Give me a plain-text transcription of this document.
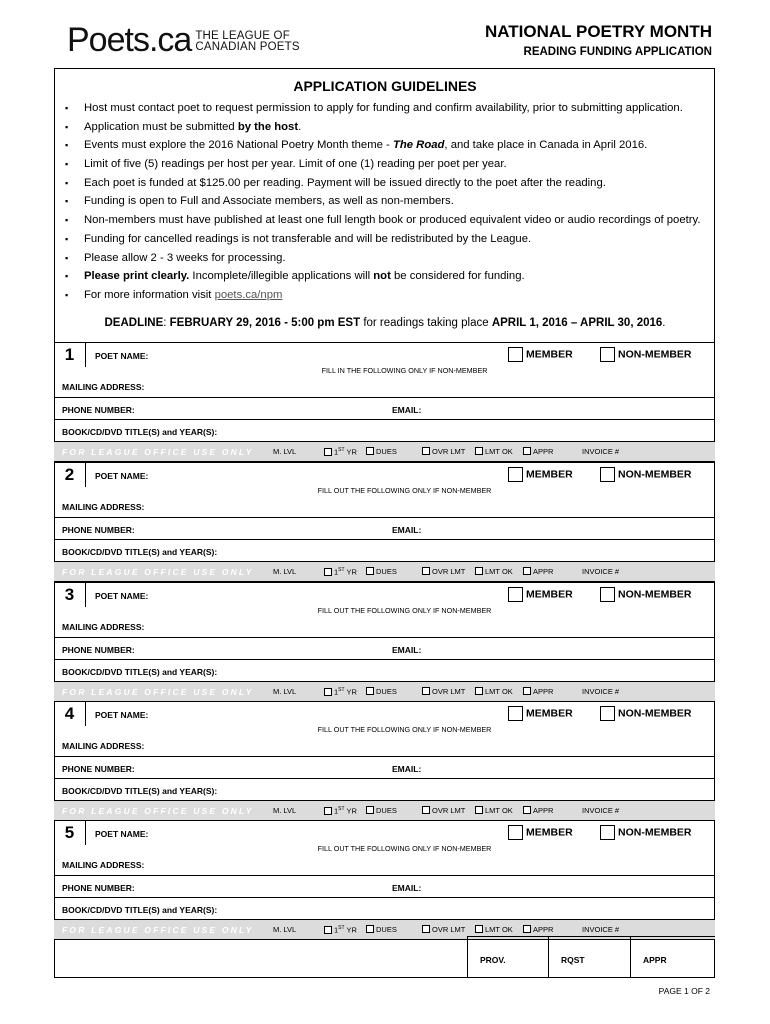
Poets.ca THE LEAGUE OF
CANADIAN POETS
NATIONAL POETRY MONTH
READING FUNDING APPLICATION
APPLICATION GUIDELINES
▪ Host must contact poet to request permission to apply for funding and confirm availability, prior to submitting application.
▪ Application must be submitted by the host.
▪ Events must explore the 2016 National Poetry Month theme - The Road, and take place in Canada in April 2016.
▪ Limit of five (5) readings per host per year. Limit of one (1) reading per poet per year.
▪ Each poet is funded at $125.00 per reading. Payment will be issued directly to the poet after the reading.
▪ Funding is open to Full and Associate members, as well as non-members.
▪ Non-members must have published at least one full length book or produced equivalent video or audio recordings of poetry.
▪ Funding for cancelled readings is not transferable and will be redistributed by the League.
▪ Please allow 2 - 3 weeks for processing.
▪ Please print clearly. Incomplete/illegible applications will not be considered for funding.
▪ For more information visit poets.ca/npm
DEADLINE: FEBRUARY 29, 2016 - 5:00 pm EST for readings taking place APRIL 1, 2016 – APRIL 30, 2016.
1	POET NAME:	MEMBER	NON-MEMBER
FILL IN THE FOLLOWING ONLY IF NON-MEMBER
MAILING ADDRESS:
PHONE NUMBER:	EMAIL:
BOOK/CD/DVD TITLE(S) and YEAR(S):
FOR LEAGUE OFFICE USE ONLY	M. LVL	1ST YR	DUES	OVR LMT	LMT OK	APPR	INVOICE #
2	POET NAME:	MEMBER	NON-MEMBER
FILL OUT THE FOLLOWING ONLY IF NON-MEMBER
MAILING ADDRESS:
PHONE NUMBER:	EMAIL:
BOOK/CD/DVD TITLE(S) and YEAR(S):
FOR LEAGUE OFFICE USE ONLY	M. LVL	1ST YR	DUES	OVR LMT	LMT OK	APPR	INVOICE #
3	POET NAME:	MEMBER	NON-MEMBER
FILL OUT THE FOLLOWING ONLY IF NON-MEMBER
MAILING ADDRESS:
PHONE NUMBER:	EMAIL:
BOOK/CD/DVD TITLE(S) and YEAR(S):
FOR LEAGUE OFFICE USE ONLY	M. LVL	1ST YR	DUES	OVR LMT	LMT OK	APPR	INVOICE #
4	POET NAME:	MEMBER	NON-MEMBER
FILL OUT THE FOLLOWING ONLY IF NON-MEMBER
MAILING ADDRESS:
PHONE NUMBER:	EMAIL:
BOOK/CD/DVD TITLE(S) and YEAR(S):
FOR LEAGUE OFFICE USE ONLY	M. LVL	1ST YR	DUES	OVR LMT	LMT OK	APPR	INVOICE #
5	POET NAME:	MEMBER	NON-MEMBER
FILL OUT THE FOLLOWING ONLY IF NON-MEMBER
MAILING ADDRESS:
PHONE NUMBER:	EMAIL:
BOOK/CD/DVD TITLE(S) and YEAR(S):
FOR LEAGUE OFFICE USE ONLY	M. LVL	1ST YR	DUES	OVR LMT	LMT OK	APPR	INVOICE #
PROV.	RQST	APPR
PAGE 1 OF 2
